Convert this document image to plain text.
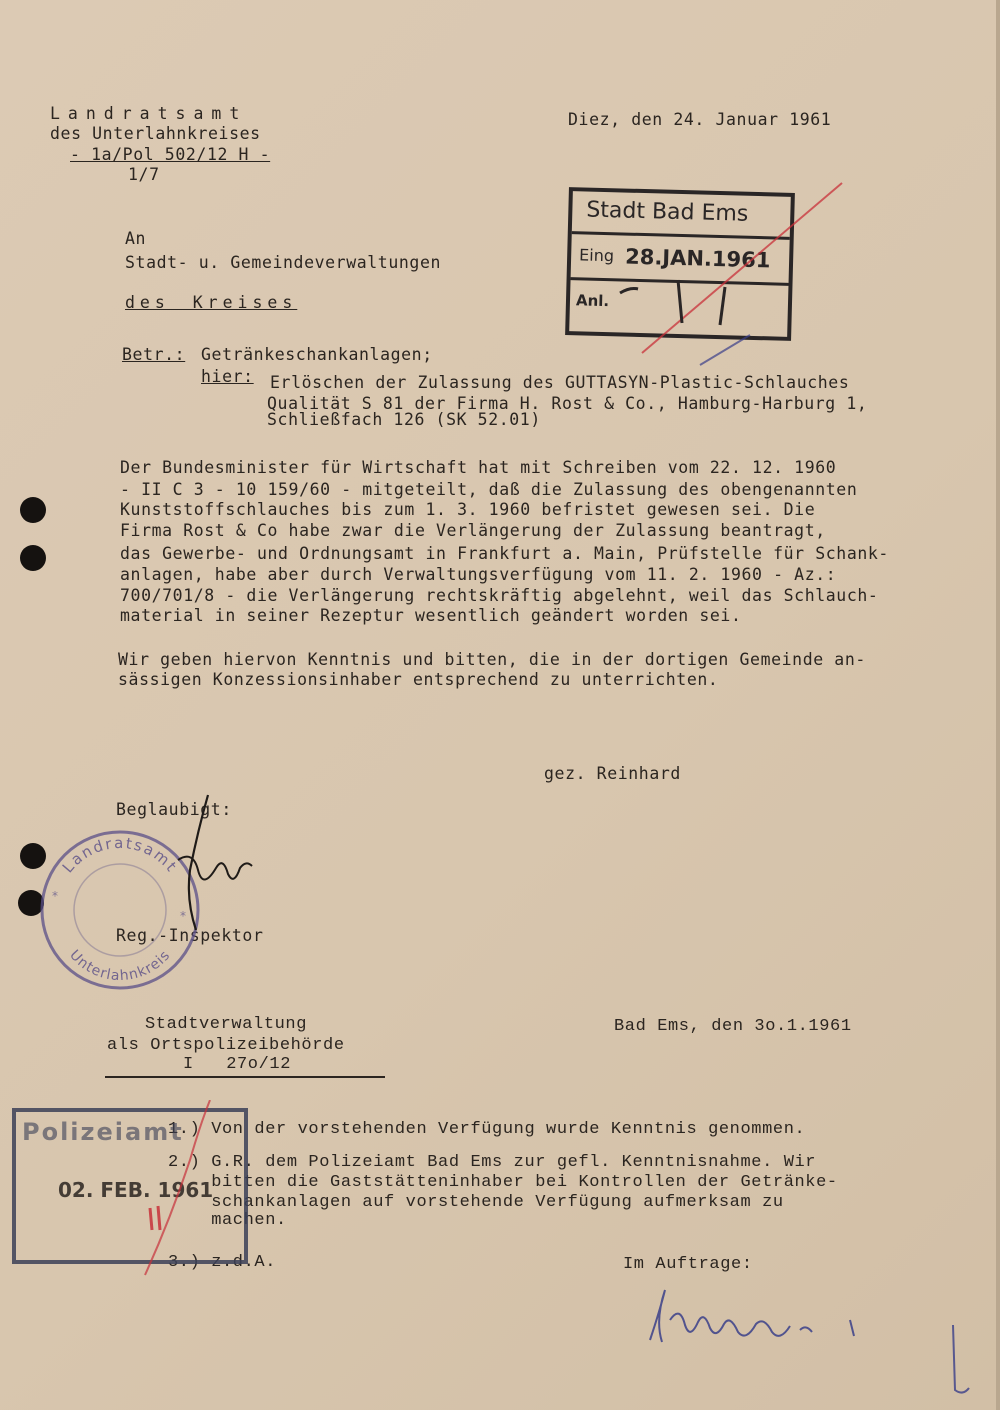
Landratsamt
des Unterlahnkreises
- 1a/Pol 502/12 H -
1/7
Diez, den 24. Januar 1961
Stadt Bad Ems
Eing 28.JAN.1961
Anl.
An
Stadt- u. Gemeindeverwaltungen
des Kreises
Betr.: Getränkeschankanlagen;
hier: Erlöschen der Zulassung des GUTTASYN-Plastic-Schlauches
Qualität S 81 der Firma H. Rost & Co., Hamburg-Harburg 1,
Schließfach 126 (SK 52.01)
Der Bundesminister für Wirtschaft hat mit Schreiben vom 22. 12. 1960
- II C 3 - 10 159/60 - mitgeteilt, daß die Zulassung des obengenannten
Kunststoffschlauches bis zum 1. 3. 1960 befristet gewesen sei. Die
Firma Rost & Co habe zwar die Verlängerung der Zulassung beantragt,
das Gewerbe- und Ordnungsamt in Frankfurt a. Main, Prüfstelle für Schank-
anlagen, habe aber durch Verwaltungsverfügung vom 11. 2. 1960 - Az.:
700/701/8 - die Verlängerung rechtskräftig abgelehnt, weil das Schlauch-
material in seiner Rezeptur wesentlich geändert worden sei.
Wir geben hiervon Kenntnis und bitten, die in der dortigen Gemeinde an-
sässigen Konzessionsinhaber entsprechend zu unterrichten.
gez. Reinhard
Beglaubigt:
Reg.-Inspektor
Landratsamt
Unterlahnkreis
*
*
Stadtverwaltung
als Ortspolizeibehörde
I   27o/12
Bad Ems, den 3o.1.1961
1.) Von der vorstehenden Verfügung wurde Kenntnis genommen.
2.) G.R. dem Polizeiamt Bad Ems zur gefl. Kenntnisnahme. Wir
bitten die Gaststätteninhaber bei Kontrollen der Getränke-
schankanlagen auf vorstehende Verfügung aufmerksam zu
machen.
3.) z.d.A.	Im Auftrage:
Polizeiamt
02. FEB. 1961
